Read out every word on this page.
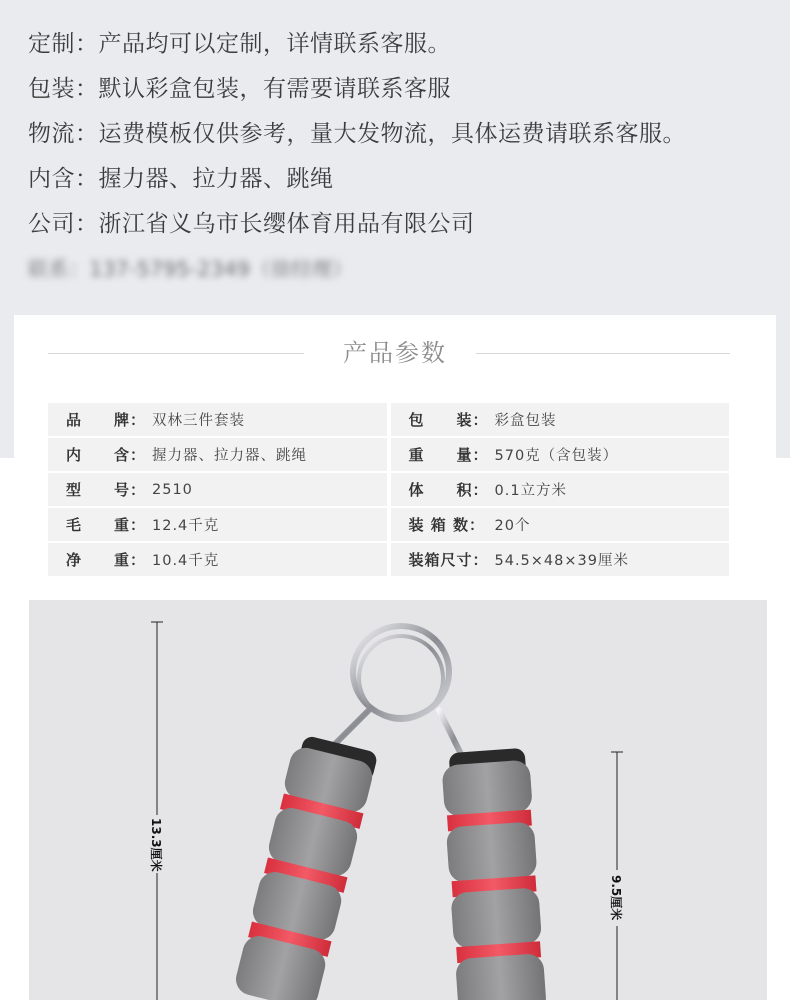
定制：产品均可以定制，详情联系客服。
包装：默认彩盒包装，有需要请联系客服
物流：运费模板仅供参考，量大发物流，具体运费请联系客服。
内含：握力器、拉力器、跳绳
公司：浙江省义乌市长缨体育用品有限公司
联系：137-5795-2349（徐经理）
产品参数
品　　牌： 双林三件套装	包　　装： 彩盒包装
内　　含： 握力器、拉力器、跳绳	重　　量： 570克（含包装）
型　　号： 2510	体　　积： 0.1立方米
毛　　重： 12.4千克	装 箱 数： 20个
净　　重： 10.4千克	装箱尺寸： 54.5×48×39厘米
13.3厘米
9.5厘米
